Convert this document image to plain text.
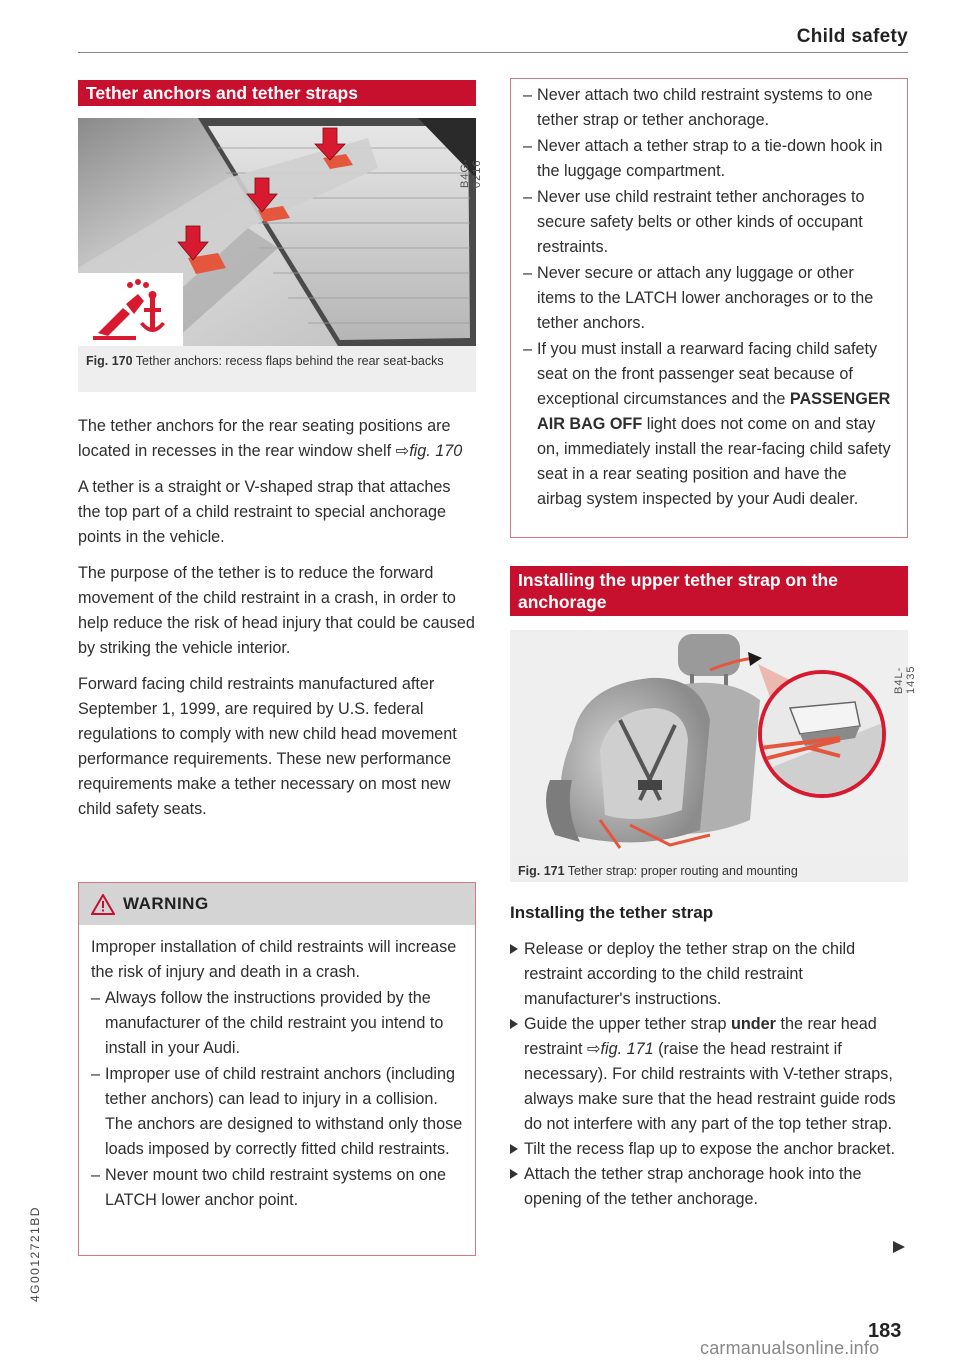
Child safety
Tether anchors and tether straps
B4G-0216
Fig. 170 Tether anchors: recess flaps behind the rear seat-backs

The tether anchors for the rear seating positions are located in recesses in the rear window shelf ⇨fig. 170

A tether is a straight or V-shaped strap that attaches the top part of a child restraint to special anchorage points in the vehicle.

The purpose of the tether is to reduce the forward movement of the child restraint in a crash, in order to help reduce the risk of head injury that could be caused by striking the vehicle interior.

Forward facing child restraints manufactured after September 1, 1999, are required by U.S. federal regulations to comply with new child head movement performance requirements. These new performance requirements make a tether necessary on most new child safety seats.

WARNING
Improper installation of child restraints will increase the risk of injury and death in a crash.
– Always follow the instructions provided by the manufacturer of the child restraint you intend to install in your Audi.
– Improper use of child restraint anchors (including tether anchors) can lead to injury in a collision. The anchors are designed to withstand only those loads imposed by correctly fitted child restraints.
– Never mount two child restraint systems on one LATCH lower anchor point.
– Never attach two child restraint systems to one tether strap or tether anchorage.
– Never attach a tether strap to a tie-down hook in the luggage compartment.
– Never use child restraint tether anchorages to secure safety belts or other kinds of occupant restraints.
– Never secure or attach any luggage or other items to the LATCH lower anchorages or to the tether anchors.
– If you must install a rearward facing child safety seat on the front passenger seat because of exceptional circumstances and the PASSENGER AIR BAG OFF light does not come on and stay on, immediately install the rear-facing child safety seat in a rear seating position and have the airbag system inspected by your Audi dealer.
Installing the upper tether strap on the anchorage
B4L-1435
Fig. 171 Tether strap: proper routing and mounting
Installing the tether strap
Release or deploy the tether strap on the child restraint according to the child restraint manufacturer's instructions.
Guide the upper tether strap under the rear head restraint ⇨fig. 171 (raise the head restraint if necessary). For child restraints with V-tether straps, always make sure that the head restraint guide rods do not interfere with any part of the top tether strap.
Tilt the recess flap up to expose the anchor bracket.
Attach the tether strap anchorage hook into the opening of the tether anchorage.
183
4G0012721BD
carmanualsonline.info
